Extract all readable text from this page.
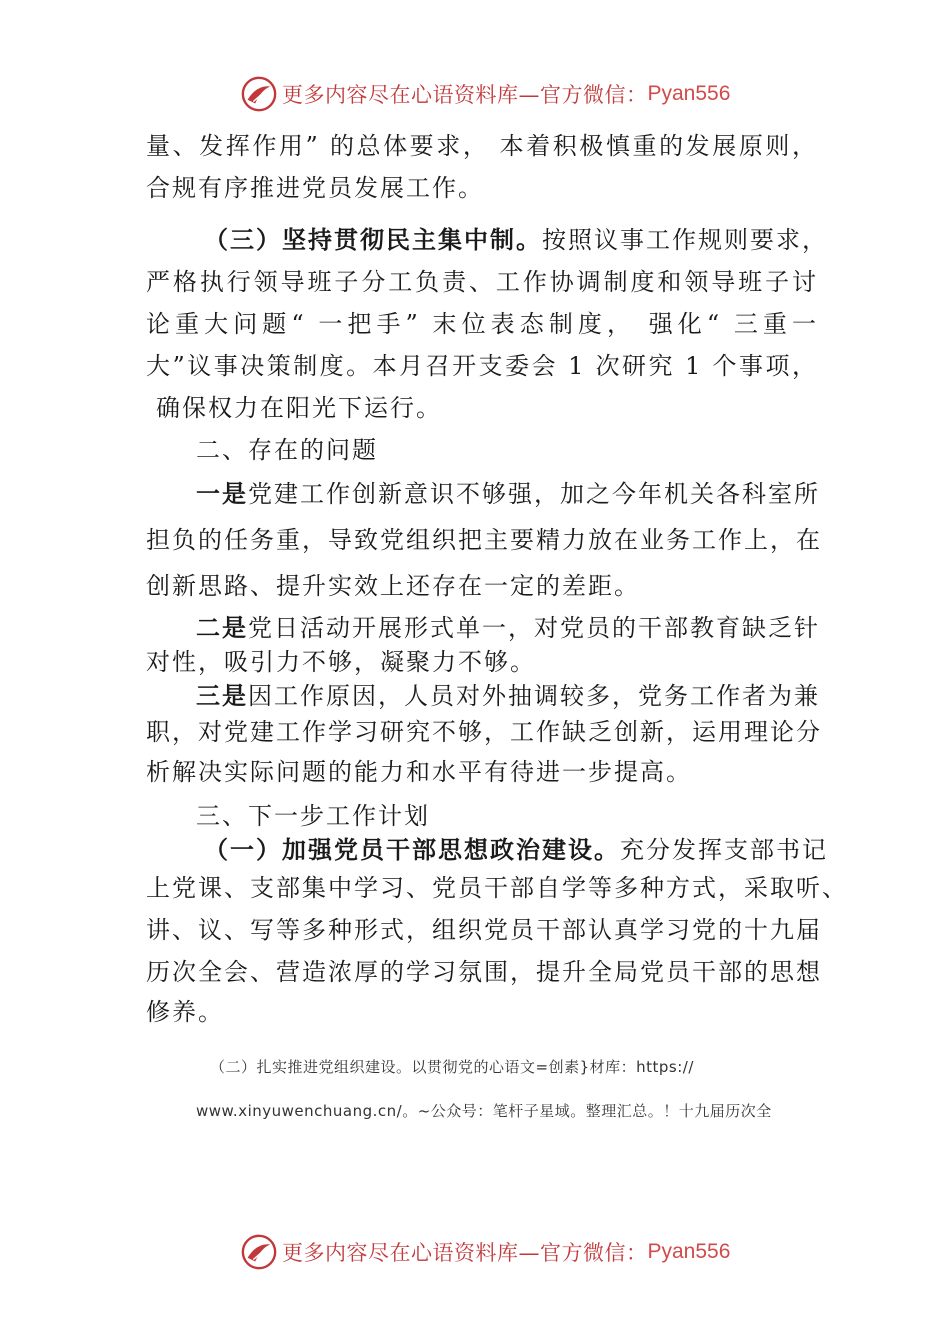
更多内容尽在心语资料库—官方微信： Pyan556
量、发挥作用” 的总体要求， 本着积极慎重的发展原则，
合规有序推进党员发展工作。
（三）坚持贯彻民主集中制。按照议事工作规则要求，
严格执行领导班子分工负责、工作协调制度和领导班子讨
论重大问题“ 一把手” 末位表态制度， 强化“ 三重一
大”议事决策制度。本月召开支委会 1 次研究 1 个事项，
确保权力在阳光下运行。
二、存在的问题
一是党建工作创新意识不够强，加之今年机关各科室所
担负的任务重，导致党组织把主要精力放在业务工作上，在
创新思路、提升实效上还存在一定的差距。
二是党日活动开展形式单一，对党员的干部教育缺乏针
对性，吸引力不够，凝聚力不够。
三是因工作原因，人员对外抽调较多，党务工作者为兼
职，对党建工作学习研究不够，工作缺乏创新，运用理论分
析解决实际问题的能力和水平有待进一步提高。
三、下一步工作计划
（一）加强党员干部思想政治建设。充分发挥支部书记
上党课、支部集中学习、党员干部自学等多种方式，采取听、
讲、议、写等多种形式，组织党员干部认真学习党的十九届
历次全会、营造浓厚的学习氛围，提升全局党员干部的思想
修养。
（二）扎实推进党组织建设。以贯彻党的心语文=创素}材库：https://
www.xinyuwenchuang.cn/。~公众号：笔杆子星域。整理汇总。！十九届历次全
更多内容尽在心语资料库—官方微信： Pyan556
